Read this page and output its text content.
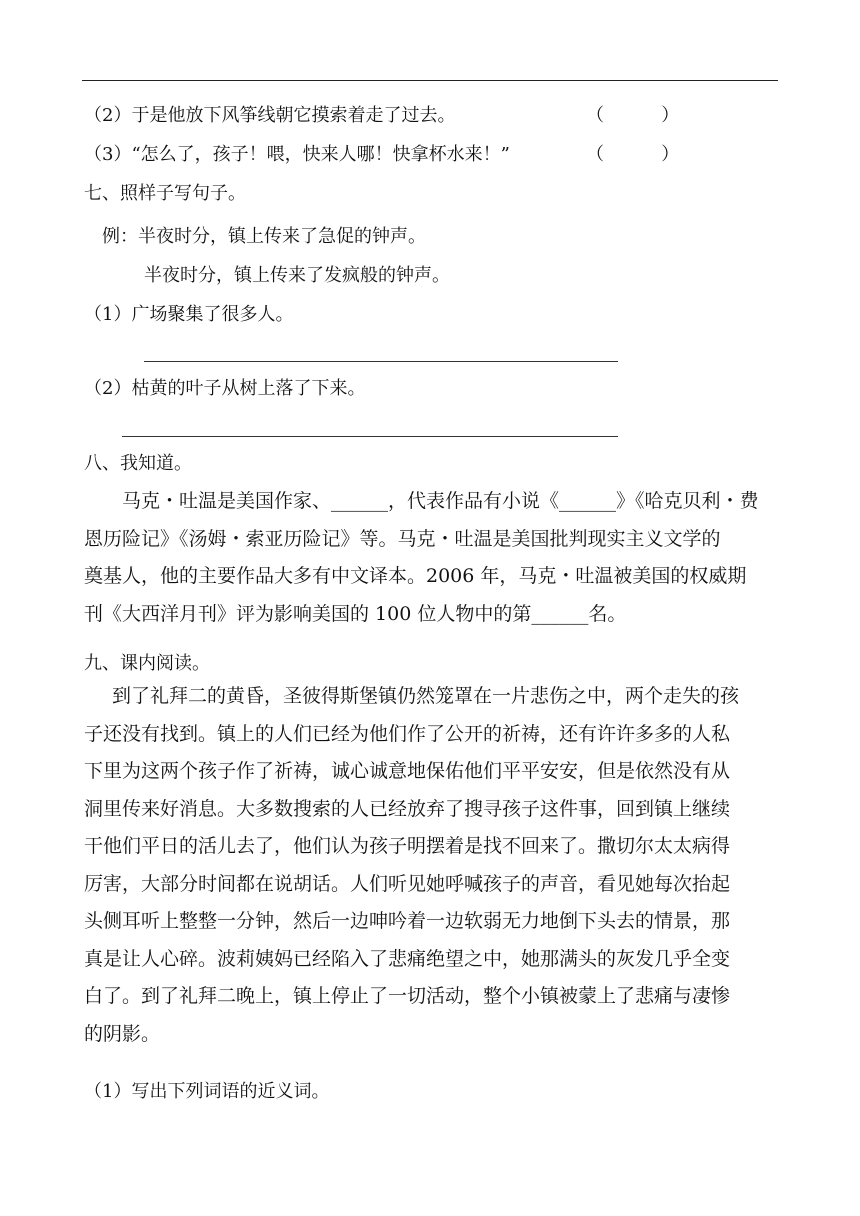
（2）于是他放下风筝线朝它摸索着走了过去。	（          ）
（3）“怎么了，孩子！喂，快来人哪！快拿杯水来！”	（          ）
七、照样子写句子。
例：半夜时分，镇上传来了急促的钟声。
半夜时分，镇上传来了发疯般的钟声。
（1）广场聚集了很多人。
（2）枯黄的叶子从树上落了下来。
八、我知道。
马克・吐温是美国作家、______，代表作品有小说《______》《哈克贝利・费
恩历险记》《汤姆・索亚历险记》等。马克・吐温是美国批判现实主义文学的
奠基人，他的主要作品大多有中文译本。2006 年，马克・吐温被美国的权威期
刊《大西洋月刊》评为影响美国的 100 位人物中的第______名。
九、课内阅读。
到了礼拜二的黄昏，圣彼得斯堡镇仍然笼罩在一片悲伤之中，两个走失的孩
子还没有找到。镇上的人们已经为他们作了公开的祈祷，还有许许多多的人私
下里为这两个孩子作了祈祷，诚心诚意地保佑他们平平安安，但是依然没有从
洞里传来好消息。大多数搜索的人已经放弃了搜寻孩子这件事，回到镇上继续
干他们平日的活儿去了，他们认为孩子明摆着是找不回来了。撒切尔太太病得
厉害，大部分时间都在说胡话。人们听见她呼喊孩子的声音，看见她每次抬起
头侧耳听上整整一分钟，然后一边呻吟着一边软弱无力地倒下头去的情景，那
真是让人心碎。波莉姨妈已经陷入了悲痛绝望之中，她那满头的灰发几乎全变
白了。到了礼拜二晚上，镇上停止了一切活动，整个小镇被蒙上了悲痛与凄惨
的阴影。
（1）写出下列词语的近义词。
